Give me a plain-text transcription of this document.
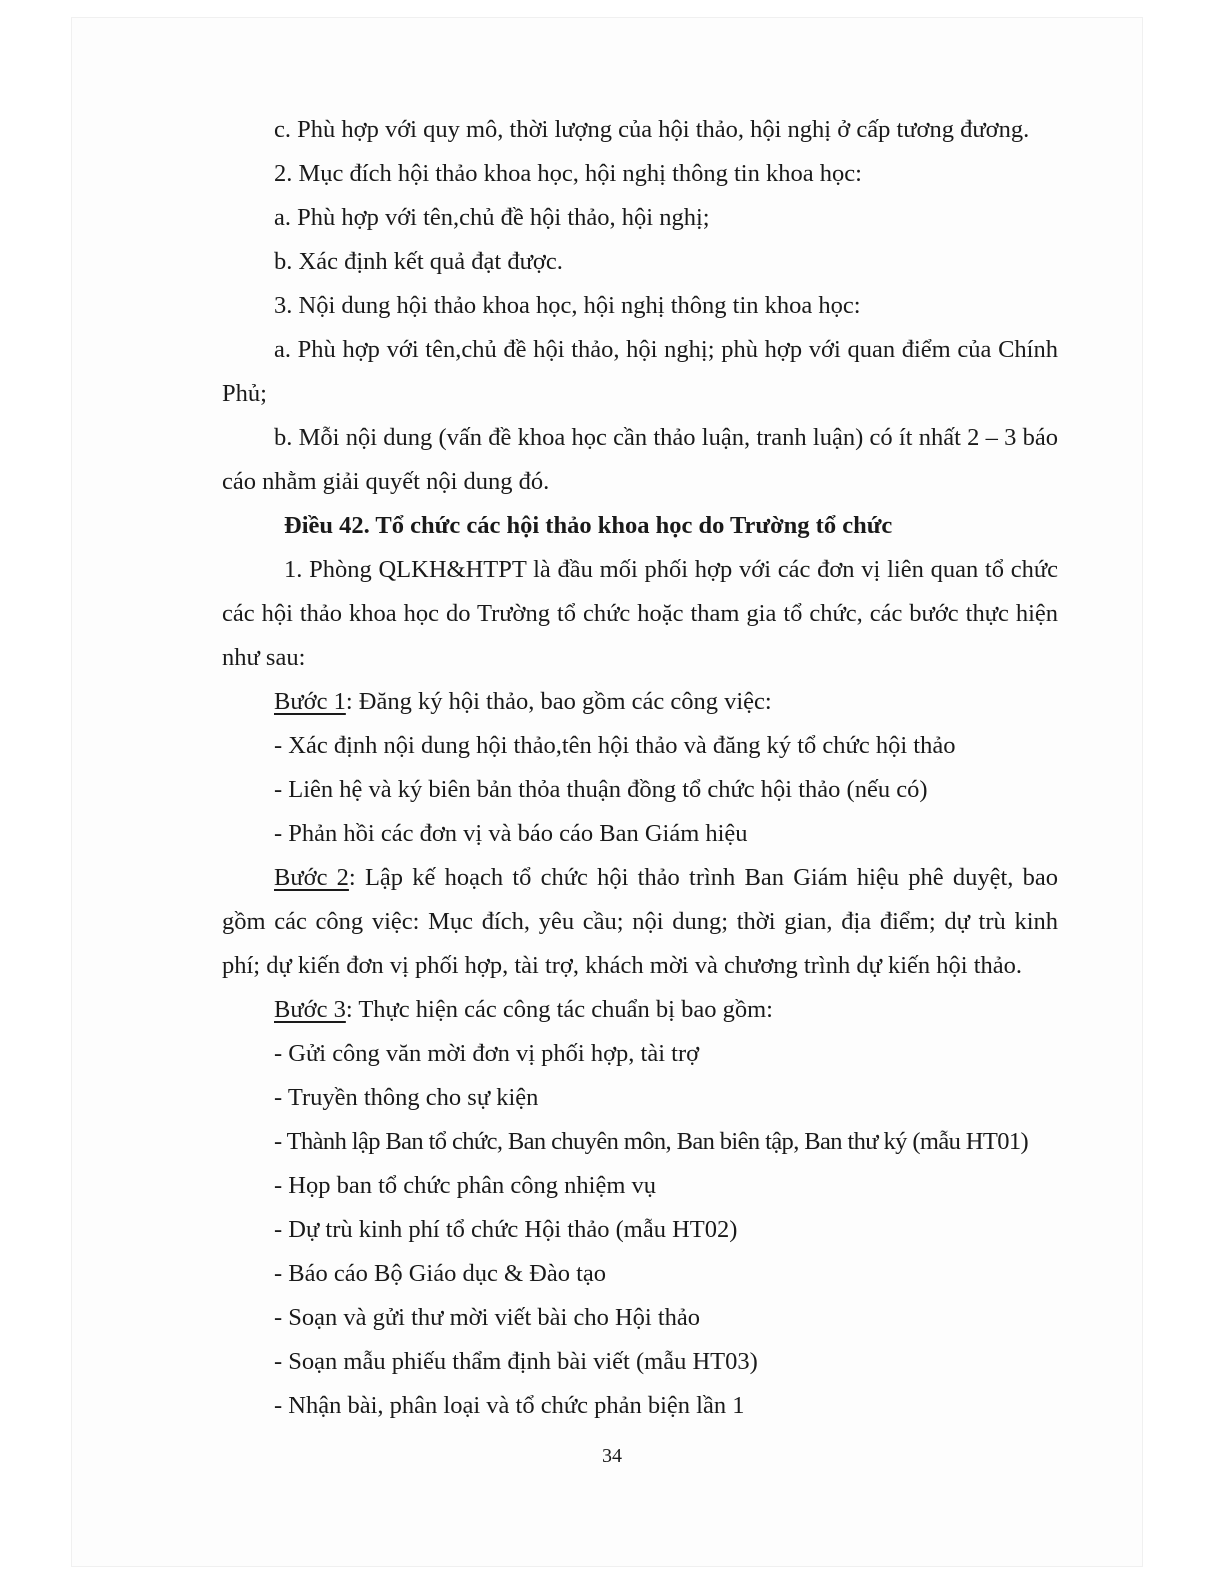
c. Phù hợp với quy mô, thời lượng của hội thảo, hội nghị ở cấp tương đương.

2. Mục đích hội thảo khoa học, hội nghị thông tin khoa học:

a. Phù hợp với tên,chủ đề hội thảo, hội nghị;

b. Xác định kết quả đạt được.

3. Nội dung hội thảo khoa học, hội nghị thông tin khoa học:

a. Phù hợp với tên,chủ đề hội thảo, hội nghị; phù hợp với quan điểm của Chính Phủ;

b. Mỗi nội dung (vấn đề khoa học cần thảo luận, tranh luận) có ít nhất 2 – 3 báo cáo nhằm giải quyết nội dung đó.

Điều 42. Tổ chức các hội thảo khoa học do Trường tổ chức

1. Phòng QLKH&HTPT là đầu mối phối hợp với các đơn vị liên quan tổ chức các hội thảo khoa học do Trường tổ chức hoặc tham gia tổ chức, các bước thực hiện như sau:

Bước 1: Đăng ký hội thảo, bao gồm các công việc:

- Xác định nội dung hội thảo,tên hội thảo và đăng ký tổ chức hội thảo

- Liên hệ và ký biên bản thỏa thuận đồng tổ chức hội thảo (nếu có)

- Phản hồi các đơn vị và báo cáo Ban Giám hiệu

Bước 2: Lập kế hoạch tổ chức hội thảo trình Ban Giám hiệu phê duyệt, bao gồm các công việc: Mục đích, yêu cầu; nội dung; thời gian, địa điểm; dự trù kinh phí; dự kiến đơn vị phối hợp, tài trợ, khách mời và chương trình dự kiến hội thảo.

Bước 3: Thực hiện các công tác chuẩn bị bao gồm:

- Gửi công văn mời đơn vị phối hợp, tài trợ

- Truyền thông cho sự kiện

- Thành lập Ban tổ chức, Ban chuyên môn, Ban biên tập, Ban thư ký (mẫu HT01)

- Họp ban tổ chức phân công nhiệm vụ

- Dự trù kinh phí tổ chức Hội thảo (mẫu HT02)

- Báo cáo Bộ Giáo dục & Đào tạo

- Soạn và gửi thư mời viết bài cho Hội thảo

- Soạn mẫu phiếu thẩm định bài viết (mẫu HT03)

- Nhận bài, phân loại và tổ chức phản biện lần 1

34
